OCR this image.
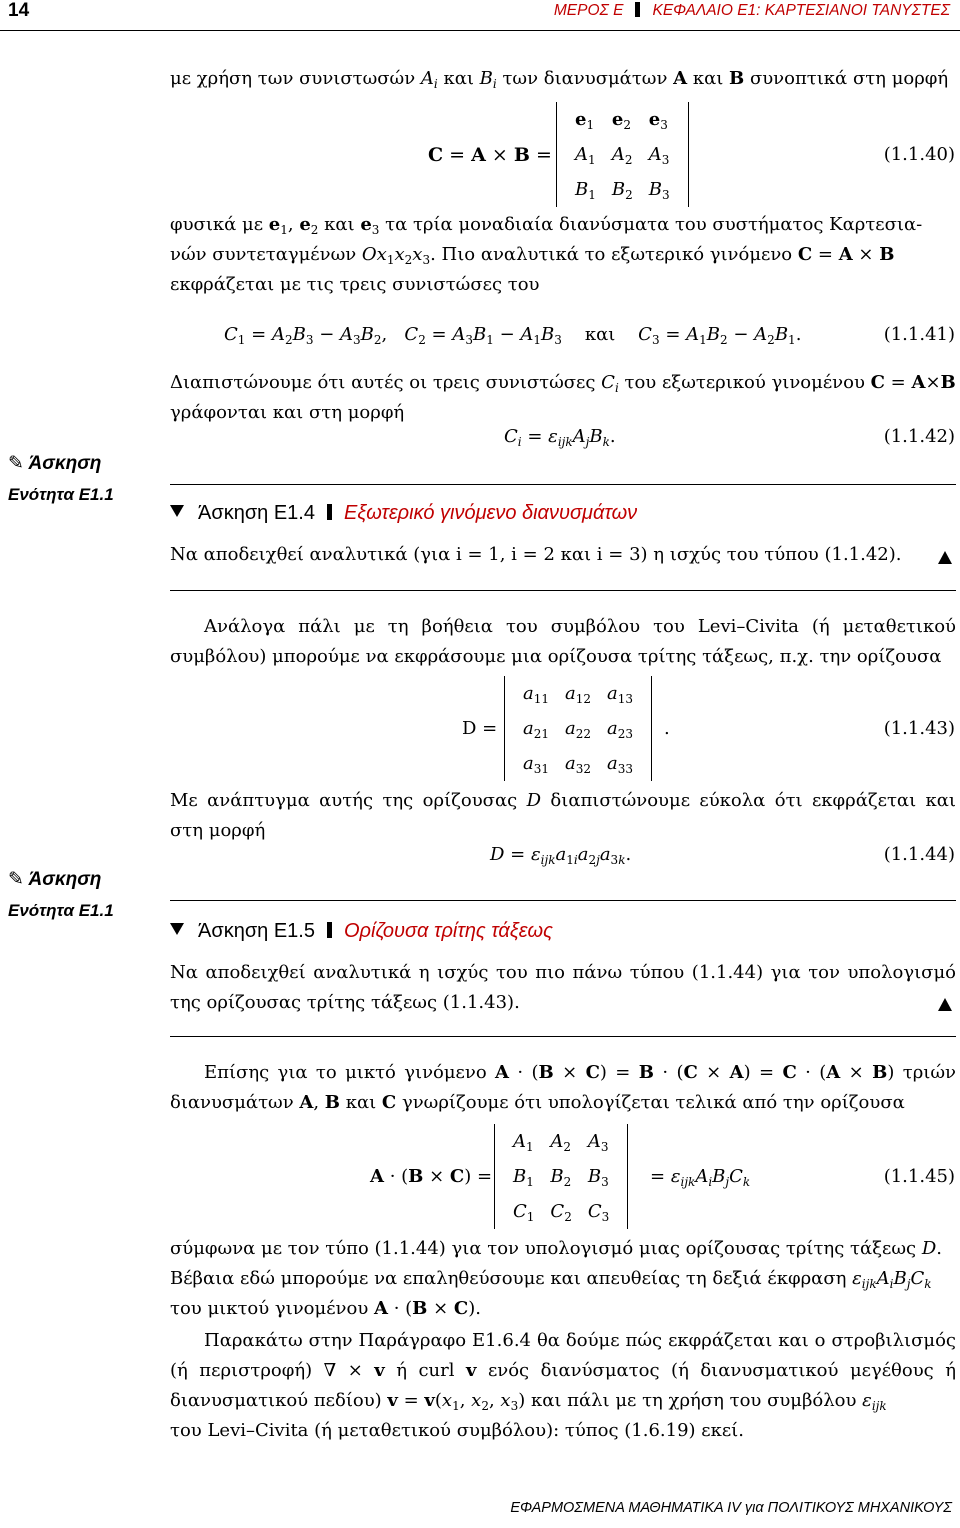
14	ΜΕΡΟΣ Ε ΚΕΦΑΛΑΙΟ Ε1: ΚΑΡΤΕΣΙΑΝΟΙ ΤΑΝΥΣΤΕΣ
με χρήση των συνιστωσών $A_i$ και $B_i$ των διανυσμάτων A και B συνοπτικά στη μορφή
C = A × B =
$e_1$	$e_2$	$e_3$
$A_1$	$A_2$	$A_3$
$B_1$	$B_2$	$B_3$
(1.1.40)
φυσικά με $e_1$, $e_2$ και $e_3$ τα τρία μοναδιαία διανύσματα του συστήματος Καρτεσια-
νών συντεταγμένων $Ox_1x_2x_3$. Πιο αναλυτικά το εξωτερικό γινόμενο C = A × B
εκφράζεται με τις τρεις συνιστώσες του
$C_1 = A_2B_3 - A_3B_2$,   $C_2 = A_3B_1 - A_1B_3$ και $C_3 = A_1B_2 - A_2B_1$.	(1.1.41)
Διαπιστώνουμε ότι αυτές οι τρεις συνιστώσες $C_i$ του εξωτερικού γινομένου C = A×B
γράφονται και στη μορφή
$C_i = \varepsilon_{ijk}A_jB_k$.	(1.1.42)
✎ Άσκηση
Ενότητα Ε1.1
Άσκηση Ε1.4 Εξωτερικό γινόμενο διανυσμάτων
Να αποδειχθεί αναλυτικά (για i = 1, i = 2 και i = 3) η ισχύς του τύπου (1.1.42).
Ανάλογα πάλι με τη βοήθεια του συμβόλου του Levi–Civita (ή μεταθετικού συμβόλου) μπορούμε να εκφράσουμε μια ορίζουσα τρίτης τάξεως, π.χ. την ορίζουσα
D =
$a_{11}$	$a_{12}$	$a_{13}$
$a_{21}$	$a_{22}$	$a_{23}$
$a_{31}$	$a_{32}$	$a_{33}$
.	(1.1.43)
Με ανάπτυγμα αυτής της ορίζουσας D διαπιστώνουμε εύκολα ότι εκφράζεται και στη μορφή
$D = \varepsilon_{ijk}a_{1i}a_{2j}a_{3k}$.	(1.1.44)
✎ Άσκηση
Ενότητα Ε1.1
Άσκηση Ε1.5 Ορίζουσα τρίτης τάξεως
Να αποδειχθεί αναλυτικά η ισχύς του πιο πάνω τύπου (1.1.44) για τον υπολογισμό της ορίζουσας τρίτης τάξεως (1.1.43).
Επίσης για το μικτό γινόμενο A · (B × C) = B · (C × A) = C · (A × B) τριών διανυσμάτων A, B και C γνωρίζουμε ότι υπολογίζεται τελικά από την ορίζουσα
A · (B × C) =
$A_1$	$A_2$	$A_3$
$B_1$	$B_2$	$B_3$
$C_1$	$C_2$	$C_3$
= $\varepsilon_{ijk}A_iB_jC_k$	(1.1.45)
σύμφωνα με τον τύπο (1.1.44) για τον υπολογισμό μιας ορίζουσας τρίτης τάξεως D.
Βέβαια εδώ μπορούμε να επαληθεύσουμε και απευθείας τη δεξιά έκφραση $\varepsilon_{ijk}A_iB_jC_k$
του μικτού γινομένου A · (B × C).
Παρακάτω στην Παράγραφο Ε1.6.4 θα δούμε πώς εκφράζεται και ο στροβιλισμός (ή περιστροφή) ∇ × v ή curl v ενός διανύσματος (ή διανυσματικού μεγέθους ή διανυσματικού πεδίου) $v = v(x_1$, $x_2$, $x_3$) και πάλι με τη χρήση του συμβόλου $\varepsilon_{ijk}$
του Levi–Civita (ή μεταθετικού συμβόλου): τύπος (1.6.19) εκεί.
ΕΦΑΡΜΟΣΜΕΝΑ ΜΑΘΗΜΑΤΙΚΑ IV για ΠΟΛΙΤΙΚΟΥΣ ΜΗΧΑΝΙΚΟΥΣ
